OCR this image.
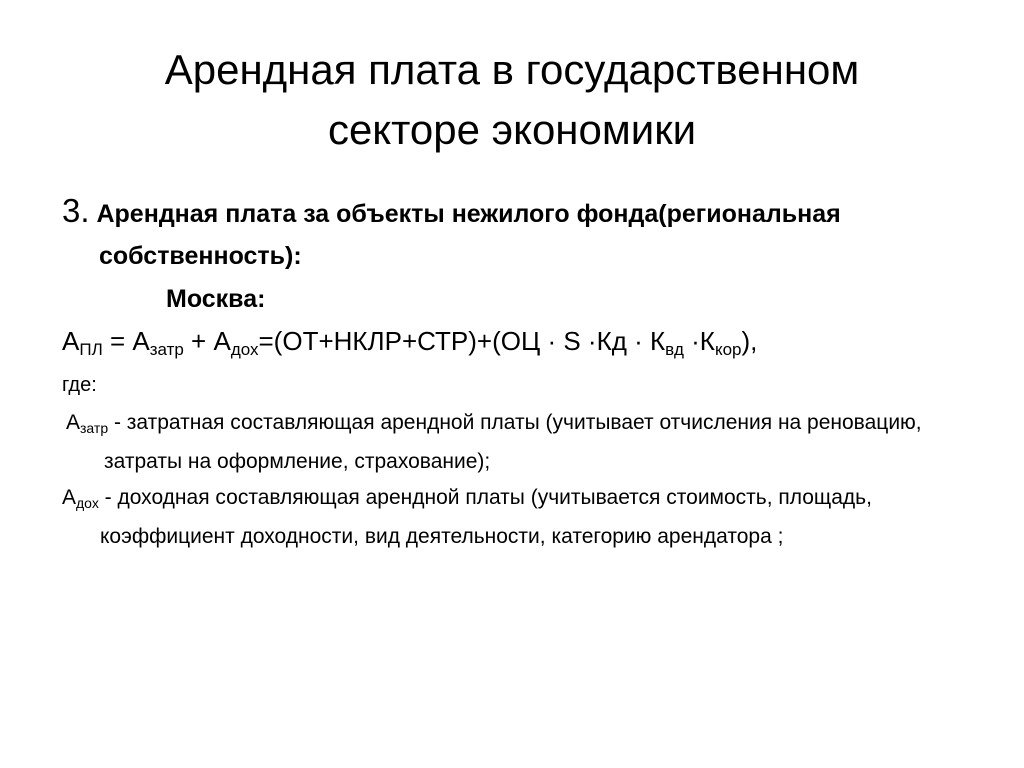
Арендная плата в государственном
секторе экономики
3. Арендная плата за объекты нежилого фонда(региональная собственность):
Москва:
$А_{ПЛ} = А_{затр}$ + $А_{дох}=(ОТ+НКЛР+СТР)+(ОЦ \cdot S \cdot Кд \cdot К_{вд} \cdot К_{кор})$,
где:
$А_{затр}$ - затратная составляющая арендной платы (учитывает отчисления на реновацию, затраты на оформление, страхование);
$А_{дох}$ - доходная составляющая арендной платы (учитывается стоимость, площадь, коэффициент доходности, вид деятельности, категорию арендатора ;
